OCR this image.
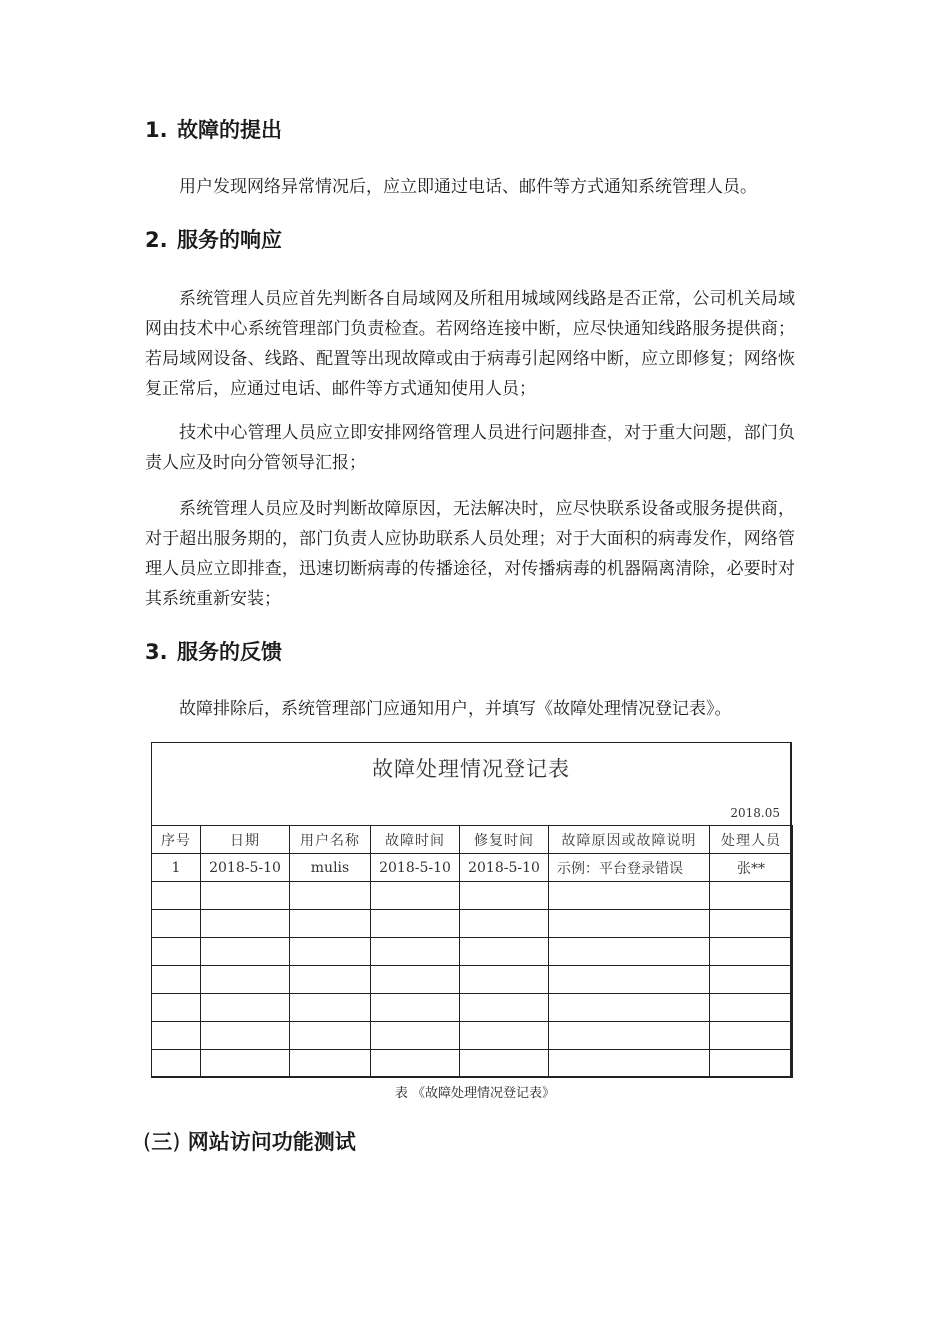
1. 故障的提出

用户发现网络异常情况后，应立即通过电话、邮件等方式通知系统管理人员。

2. 服务的响应

系统管理人员应首先判断各自局域网及所租用城域网线路是否正常，公司机关局域网由技术中心系统管理部门负责检查。若网络连接中断，应尽快通知线路服务提供商；若局域网设备、线路、配置等出现故障或由于病毒引起网络中断，应立即修复；网络恢复正常后，应通过电话、邮件等方式通知使用人员；

技术中心管理人员应立即安排网络管理人员进行问题排查，对于重大问题，部门负责人应及时向分管领导汇报；

系统管理人员应及时判断故障原因，无法解决时，应尽快联系设备或服务提供商，对于超出服务期的，部门负责人应协助联系人员处理；对于大面积的病毒发作，网络管理人员应立即排查，迅速切断病毒的传播途径，对传播病毒的机器隔离清除，必要时对其系统重新安装；

3. 服务的反馈

故障排除后，系统管理部门应通知用户，并填写《故障处理情况登记表》。

故障处理情况登记表
2018.05
序号	日期	用户名称	故障时间	修复时间	故障原因或故障说明	处理人员
1	2018-5-10	mulis	2018-5-10	2018-5-10	示例：平台登录错误	张**

表 《故障处理情况登记表》
(三) 网站访问功能测试
